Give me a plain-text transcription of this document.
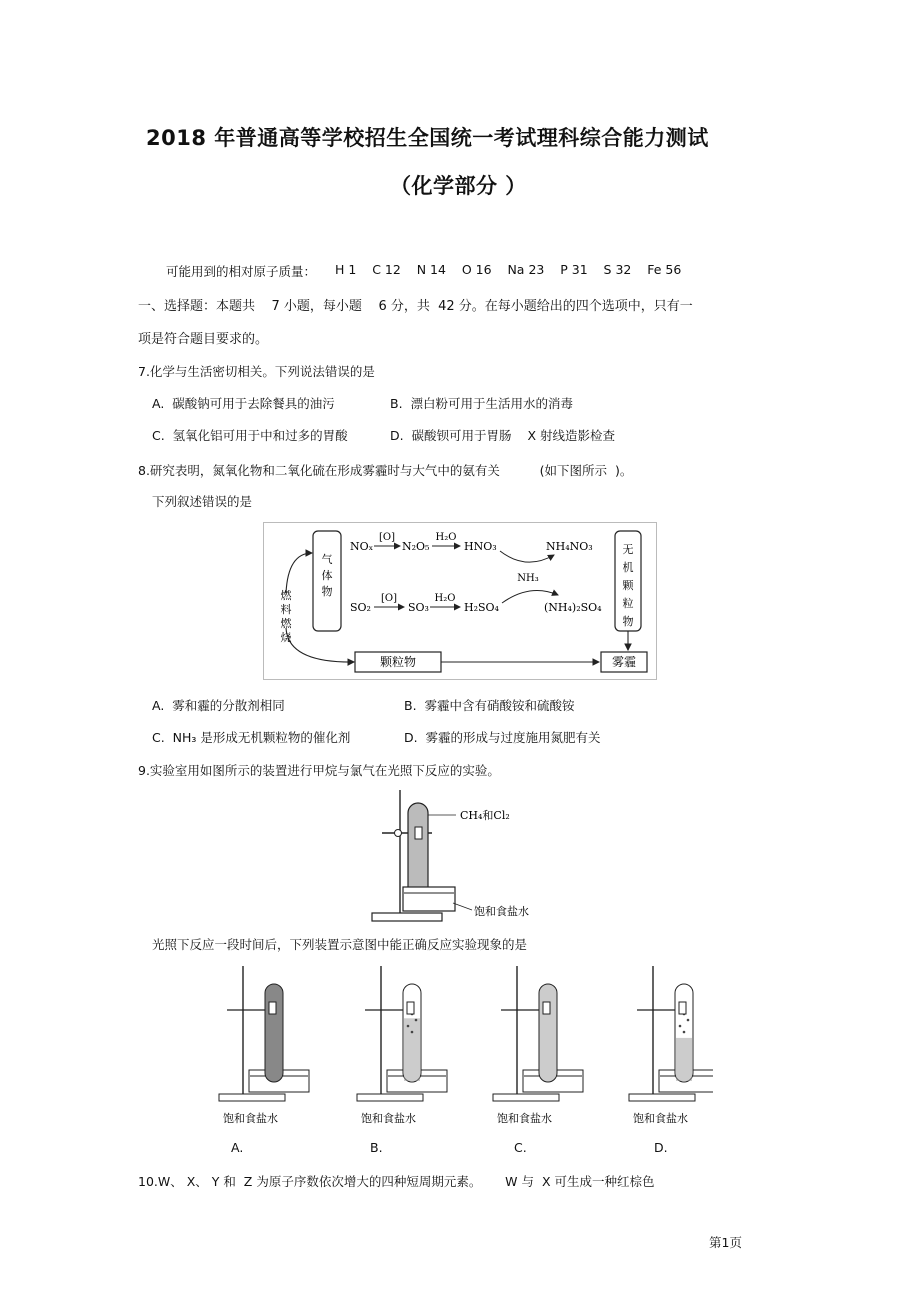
2018 年普通高等学校招生全国统一考试理科综合能力测试
（化学部分 ）
可能用到的相对原子质量： H 1    C 12    N 14    O 16    Na 23    P 31    S 32    Fe 56
一、选择题：本题共    7 小题，每小题    6 分，共  42 分。在每小题给出的四个选项中，只有一
项是符合题目要求的。
7.化学与生活密切相关。下列说法错误的是
A.  碳酸钠可用于去除餐具的油污	B.  漂白粉可用于生活用水的消毒
C.  氢氧化铝可用于中和过多的胃酸	D.  碳酸钡可用于胃肠    X 射线造影检查
8.研究表明，氮氧化物和二氧化硫在形成雾霾时与大气中的氨有关          (如下图所示  )。
下列叙述错误的是
颗粒物	雾霾
燃
料
燃
烧
气
体
物
无
机
颗
粒
物
NOₓ
[O]
N₂O₅
H₂O
HNO₃	NH₄NO₃
NH₃
SO₂
[O]
SO₃
H₂O
H₂SO₄	(NH₄)₂SO₄
A.  雾和霾的分散剂相同	B.  雾霾中含有硝酸铵和硫酸铵
C.  NH₃ 是形成无机颗粒物的催化剂	D.  雾霾的形成与过度施用氮肥有关
9.实验室用如图所示的装置进行甲烷与氯气在光照下反应的实验。
CH₄和Cl₂
饱和食盐水
光照下反应一段时间后，下列装置示意图中能正确反应实验现象的是
饱和食盐水	饱和食盐水	饱和食盐水	饱和食盐水
A.	B.	C.	D.
10.W、 X、 Y 和  Z 为原子序数依次增大的四种短周期元素。      W 与  X 可生成一种红棕色
第1页
